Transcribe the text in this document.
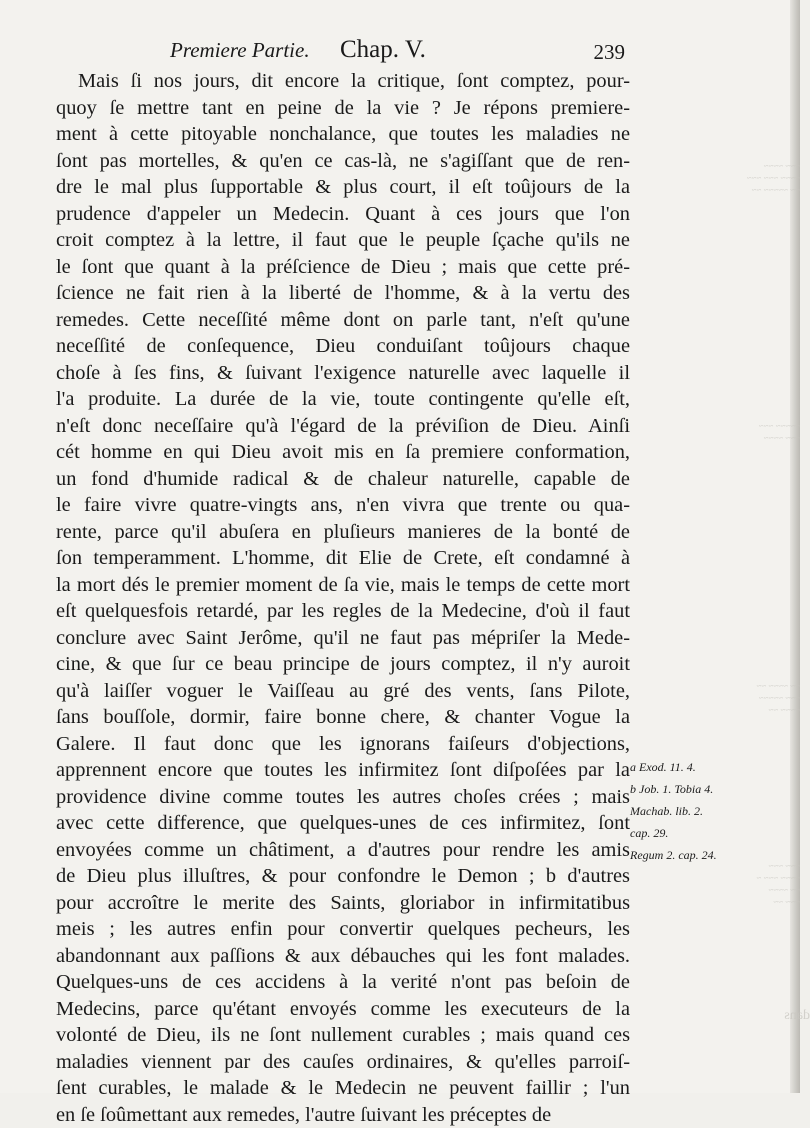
Premiere Partie. Chap. V.	239
Mais ſi nos jours, dit encore la critique, ſont comptez, pour-
quoy ſe mettre tant en peine de la vie ? Je répons premiere-
ment à cette pitoyable nonchalance, que toutes les maladies ne
ſont pas mortelles, & qu'en ce cas-là, ne s'agiſſant que de ren-
dre le mal plus ſupportable & plus court, il eſt toûjours de la
prudence d'appeler un Medecin. Quant à ces jours que l'on
croit comptez à la lettre, il faut que le peuple ſçache qu'ils ne
le ſont que quant à la préſcience de Dieu ; mais que cette pré-
ſcience ne fait rien à la liberté de l'homme, & à la vertu des
remedes. Cette neceſſité même dont on parle tant, n'eſt qu'une
neceſſité de conſequence, Dieu conduiſant toûjours chaque
choſe à ſes fins, & ſuivant l'exigence naturelle avec laquelle il
l'a produite. La durée de la vie, toute contingente qu'elle eſt,
n'eſt donc neceſſaire qu'à l'égard de la préviſion de Dieu. Ainſi
cét homme en qui Dieu avoit mis en ſa premiere conformation,
un fond d'humide radical & de chaleur naturelle, capable de
le faire vivre quatre-vingts ans, n'en vivra que trente ou qua-
rente, parce qu'il abuſera en pluſieurs manieres de la bonté de
ſon temperamment. L'homme, dit Elie de Crete, eſt condamné à
la mort dés le premier moment de ſa vie, mais le temps de cette mort
eſt quelquesfois retardé, par les regles de la Medecine, d'où il faut
conclure avec Saint Jerôme, qu'il ne faut pas mépriſer la Mede-
cine, & que ſur ce beau principe de jours comptez, il n'y auroit
qu'à laiſſer voguer le Vaiſſeau au gré des vents, ſans Pilote,
ſans bouſſole, dormir, faire bonne chere, & chanter Vogue la
Galere. Il faut donc que les ignorans faiſeurs d'objections,
apprennent encore que toutes les infirmitez ſont diſpoſées par la
providence divine comme toutes les autres choſes crées ; mais
avec cette difference, que quelques-unes de ces infirmitez, ſont
envoyées comme un châtiment, a d'autres pour rendre les amis
de Dieu plus illuſtres, & pour confondre le Demon ; b d'autres
pour accroître le merite des Saints, gloriabor in infirmitatibus
meis ; les autres enfin pour convertir quelques pecheurs, les
abandonnant aux paſſions & aux débauches qui les font malades.
Quelques-uns de ces accidens à la verité n'ont pas beſoin de
Medecins, parce qu'étant envoyés comme les executeurs de la
volonté de Dieu, ils ne ſont nullement curables ; mais quand ces
maladies viennent par des cauſes ordinaires, & qu'elles parroiſ-
ſent curables, le malade & le Medecin ne peuvent faillir ; l'un
en ſe ſoûmettant aux remedes, l'autre ſuivant les préceptes de
a Exod. 11. 4.
b Job. 1. Tobia 4.
Machab. lib. 2.
cap. 29.
Regum 2. cap. 24.
~~~ ~~~~
~~~~ ~~~ ~~~
~~ ~~~~~ ~~
~~~~~ ~~~
~~~ ~~~~
~~ ~~~~ ~~
~~~ ~~~~~
~~~~ ~~
~~~ ~~~
~~~~ ~~~ ~
~~ ~~~~
~~~ ~~
dans
